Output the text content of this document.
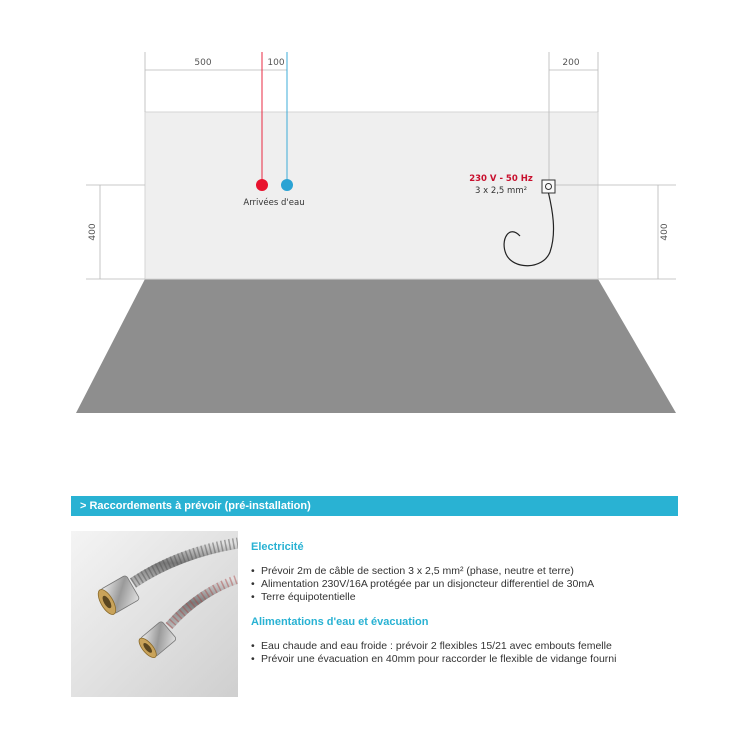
500	100	200
400	400
Arrivées d'eau
230 V - 50 Hz
3 x 2,5 mm²
> Raccordements à prévoir (pré-installation)
Electricité
• Prévoir 2m de câble de section 3 x 2,5 mm² (phase, neutre et terre)
• Alimentation 230V/16A protégée par un disjoncteur differentiel de 30mA
• Terre équipotentielle
Alimentations d'eau et évacuation
• Eau chaude and eau froide : prévoir 2 flexibles 15/21 avec embouts femelle
• Prévoir une évacuation en 40mm pour raccorder le flexible de vidange fourni
